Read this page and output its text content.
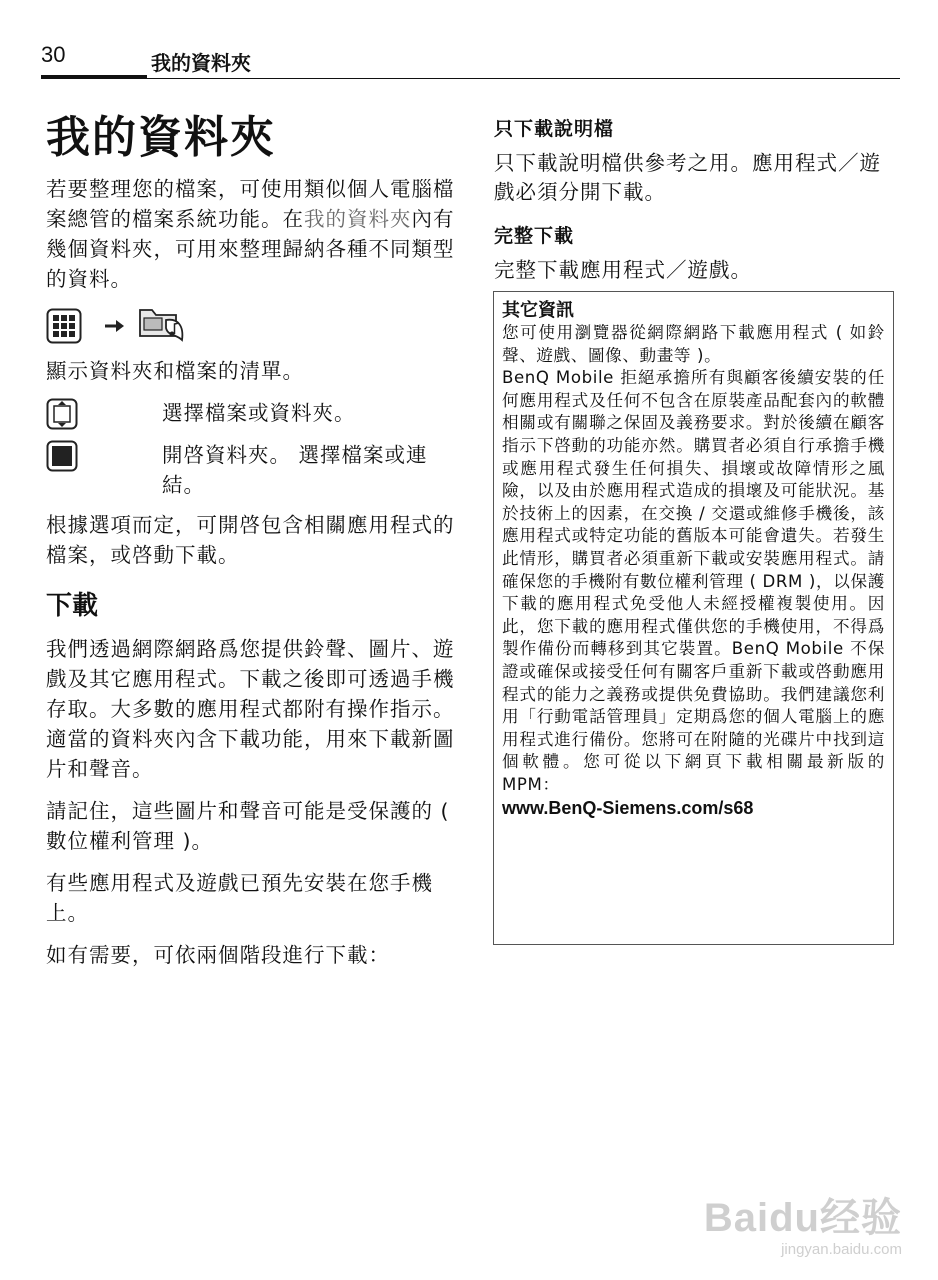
30	我的資料夾
我的資料夾

若要整理您的檔案，可使用類似個人電腦檔案總管的檔案系統功能。在我的資料夾內有幾個資料夾，可用來整理歸納各種不同類型的資料。

顯示資料夾和檔案的清單。

選擇檔案或資料夾。
開啓資料夾。 選擇檔案或連結。

根據選項而定，可開啓包含相關應用程式的檔案，或啓動下載。

下載

我們透過網際網路爲您提供鈴聲、圖片、遊戲及其它應用程式。下載之後即可透過手機存取。大多數的應用程式都附有操作指示。適當的資料夾內含下載功能，用來下載新圖片和聲音。

請記住，這些圖片和聲音可能是受保護的 ( 數位權利管理 )。

有些應用程式及遊戲已預先安裝在您手機上。

如有需要，可依兩個階段進行下載：

只下載說明檔
只下載說明檔供參考之用。應用程式／遊戲必須分開下載。
完整下載
完整下載應用程式／遊戲。
其它資訊
您可使用瀏覽器從網際網路下載應用程式 ( 如鈴聲、遊戲、圖像、動畫等 )。
BenQ Mobile 拒絕承擔所有與顧客後續安裝的任何應用程式及任何不包含在原裝產品配套內的軟體相關或有關聯之保固及義務要求。對於後續在顧客指示下啓動的功能亦然。購買者必須自行承擔手機或應用程式發生任何損失、損壞或故障情形之風險，以及由於應用程式造成的損壞及可能狀況。基於技術上的因素，在交換 / 交還或維修手機後，該應用程式或特定功能的舊版本可能會遺失。若發生此情形，購買者必須重新下載或安裝應用程式。請確保您的手機附有數位權利管理 ( DRM )，以保護下載的應用程式免受他人未經授權複製使用。因此，您下載的應用程式僅供您的手機使用，不得爲製作備份而轉移到其它裝置。BenQ Mobile 不保證或確保或接受任何有關客戶重新下載或啓動應用程式的能力之義務或提供免費協助。我們建議您利用「行動電話管理員」定期爲您的個人電腦上的應用程式進行備份。您將可在附隨的光碟片中找到這個軟體。您可從以下網頁下載相關最新版的 MPM：
www.BenQ-Siemens.com/s68
Baidu经验
jingyan.baidu.com
